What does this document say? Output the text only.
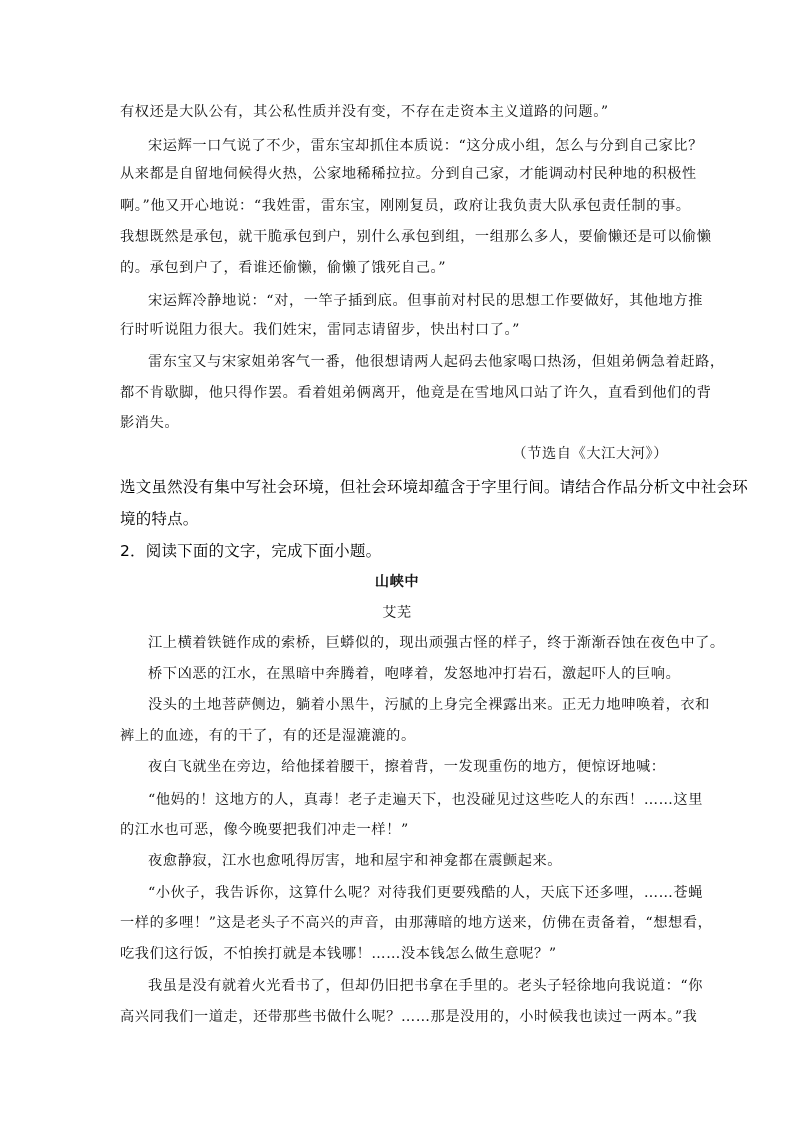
有权还是大队公有，其公私性质并没有变，不存在走资本主义道路的问题。”
宋运辉一口气说了不少，雷东宝却抓住本质说：“这分成小组，怎么与分到自己家比？
从来都是自留地伺候得火热，公家地稀稀拉拉。分到自己家，才能调动村民种地的积极性
啊。”他又开心地说：“我姓雷，雷东宝，刚刚复员，政府让我负责大队承包责任制的事。
我想既然是承包，就干脆承包到户，别什么承包到组，一组那么多人，要偷懒还是可以偷懒
的。承包到户了，看谁还偷懒，偷懒了饿死自己。”
宋运辉冷静地说：“对，一竿子插到底。但事前对村民的思想工作要做好，其他地方推
行时听说阻力很大。我们姓宋，雷同志请留步，快出村口了。”
雷东宝又与宋家姐弟客气一番，他很想请两人起码去他家喝口热汤，但姐弟俩急着赶路，
都不肯歇脚，他只得作罢。看着姐弟俩离开，他竟是在雪地风口站了许久，直看到他们的背
影消失。
（节选自《大江大河》）
选文虽然没有集中写社会环境，但社会环境却蕴含于字里行间。请结合作品分析文中社会环
境的特点。
2．阅读下面的文字，完成下面小题。
山峡中
艾芜
江上横着铁链作成的索桥，巨蟒似的，现出顽强古怪的样子，终于渐渐吞蚀在夜色中了。
桥下凶恶的江水，在黑暗中奔腾着，咆哮着，发怒地冲打岩石，激起吓人的巨响。
没头的土地菩萨侧边，躺着小黑牛，污腻的上身完全裸露出来。正无力地呻唤着，衣和
裤上的血迹，有的干了，有的还是湿漉漉的。
夜白飞就坐在旁边，给他揉着腰干，擦着背，一发现重伤的地方，便惊讶地喊：
“他妈的！这地方的人，真毒！老子走遍天下，也没碰见过这些吃人的东西！……这里
的江水也可恶，像今晚要把我们冲走一样！”
夜愈静寂，江水也愈吼得厉害，地和屋宇和神龛都在震颤起来。
“小伙子，我告诉你，这算什么呢？对待我们更要残酷的人，天底下还多哩，……苍蝇
一样的多哩！”这是老头子不高兴的声音，由那薄暗的地方送来，仿佛在责备着，“想想看，
吃我们这行饭，不怕挨打就是本钱哪！……没本钱怎么做生意呢？”
我虽是没有就着火光看书了，但却仍旧把书拿在手里的。老头子轻徐地向我说道：“你
高兴同我们一道走，还带那些书做什么呢？……那是没用的，小时候我也读过一两本。”我
